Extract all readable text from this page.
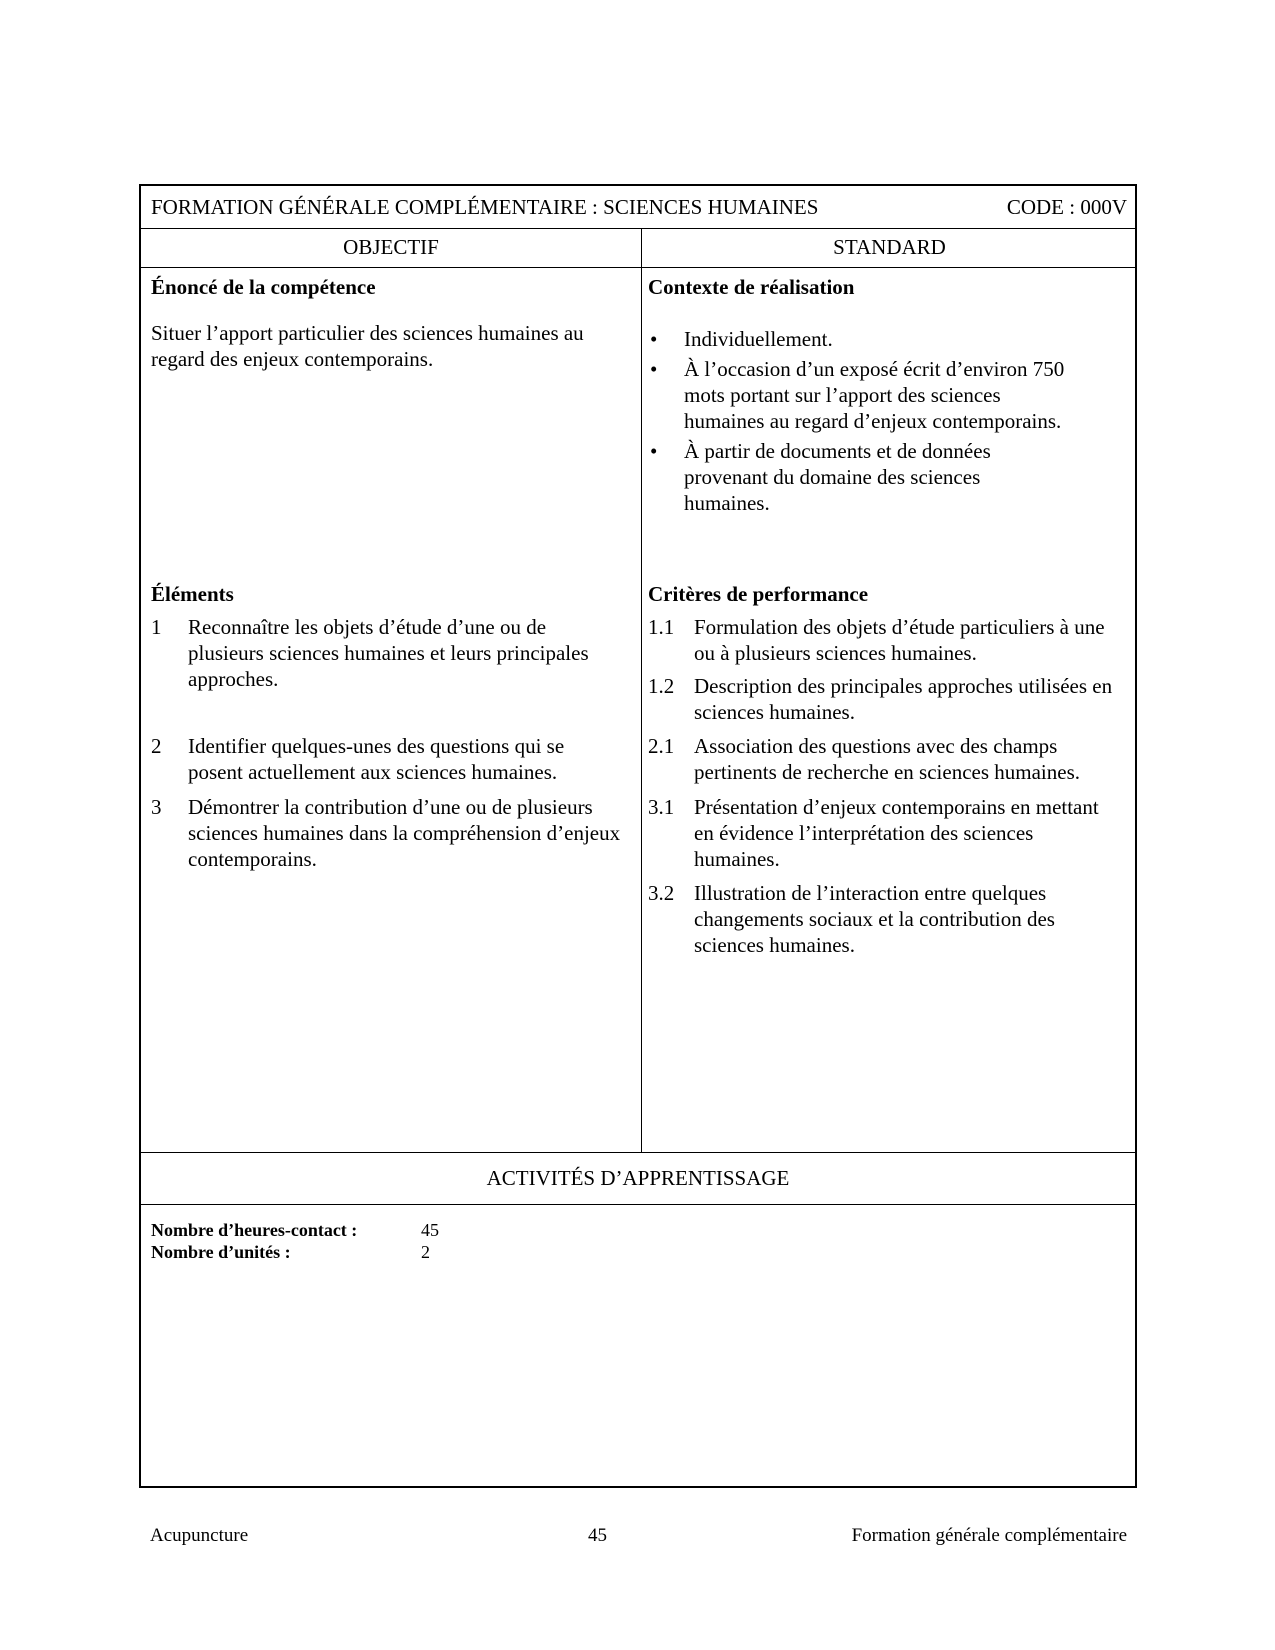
FORMATION GÉNÉRALE COMPLÉMENTAIRE : SCIENCES HUMAINES	CODE : 000V
OBJECTIF	STANDARD
Énoncé de la compétence

Situer l’apport particulier des sciences humaines au regard des enjeux contemporains.

Éléments
1 Reconnaître les objets d’étude d’une ou de plusieurs sciences humaines et leurs principales approches.
2 Identifier quelques-unes des questions qui se posent actuellement aux sciences humaines.
3 Démontrer la contribution d’une ou de plusieurs sciences humaines dans la compréhension d’enjeux contemporains.
Contexte de réalisation
• Individuellement.
• À l’occasion d’un exposé écrit d’environ 750 mots portant sur l’apport des sciences humaines au regard d’enjeux contemporains.
• À partir de documents et de données provenant du domaine des sciences humaines.
Critères de performance
1.1 Formulation des objets d’étude particuliers à une ou à plusieurs sciences humaines.
1.2 Description des principales approches utilisées en sciences humaines.
2.1 Association des questions avec des champs pertinents de recherche en sciences humaines.
3.1 Présentation d’enjeux contemporains en mettant en évidence l’interprétation des sciences humaines.
3.2 Illustration de l’interaction entre quelques changements sociaux et la contribution des sciences humaines.
ACTIVITÉS D’APPRENTISSAGE
Nombre d’heures-contact :	45
Nombre d’unités :	2
Acupuncture	45	Formation générale complémentaire
